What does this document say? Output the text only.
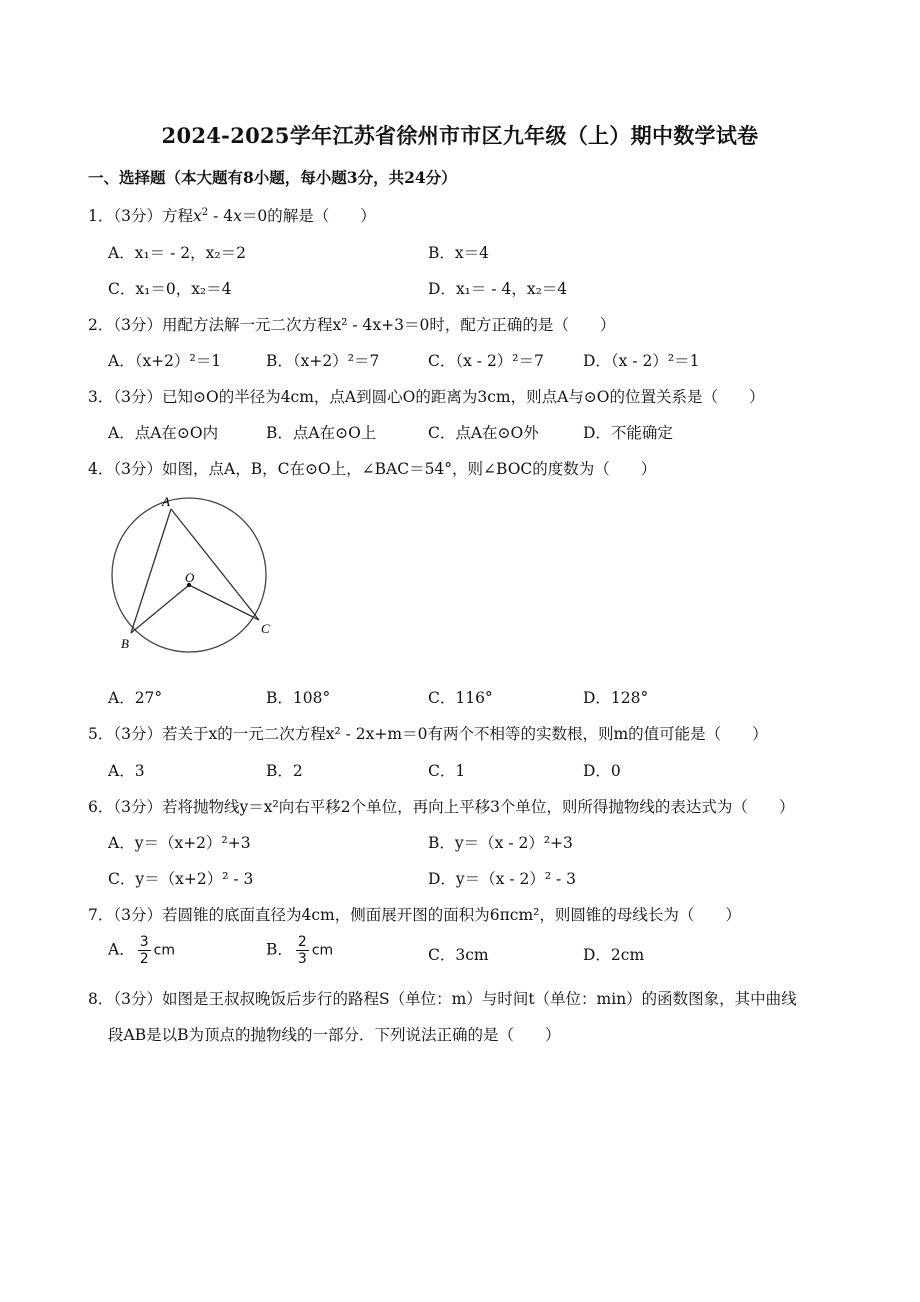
2024-2025学年江苏省徐州市市区九年级（上）期中数学试卷
一、选择题（本大题有8小题，每小题3分，共24分）
1．（3分）方程$x^2 - 4x=0$的解是（　　）
A．x₁＝ - 2，x₂＝2	B．x＝4
C．x₁＝0，x₂＝4	D．x₁＝ - 4，x₂＝4
2．（3分）用配方法解一元二次方程x² - 4x+3＝0时，配方正确的是（　　）
A．（x+2）²＝1	B．（x+2）²＝7	C．（x - 2）²＝7	D．（x - 2）²＝1
3．（3分）已知⊙O的半径为4cm，点A到圆心O的距离为3cm，则点A与⊙O的位置关系是（　　）
A．点A在⊙O内	B．点A在⊙O上	C．点A在⊙O外	D．不能确定
4．（3分）如图，点A，B，C在⊙O上，∠BAC＝54°，则∠BOC的度数为（　　）
A
B
C
O
A．27°	B．108°	C．116°	D．128°
5．（3分）若关于x的一元二次方程x² - 2x+m＝0有两个不相等的实数根，则m的值可能是（　　）
A．3	B．2	C．1	D．0
6．（3分）若将抛物线y＝x²向右平移2个单位，再向上平移3个单位，则所得抛物线的表达式为（　　）
A．y＝（x+2）²+3	B．y＝（x - 2）²+3
C．y＝（x+2）² - 3	D．y＝（x - 2）² - 3
7．（3分）若圆锥的底面直径为4cm，侧面展开图的面积为6πcm²，则圆锥的母线长为（　　）
A． $\frac{3}{2}$ cm	B． $\frac{2}{3}$ cm	C．3cm	D．2cm
8．（3分）如图是王叔叔晚饭后步行的路程S（单位：m）与时间t（单位：min）的函数图象，其中曲线
段AB是以B为顶点的抛物线的一部分．下列说法正确的是（　　）
